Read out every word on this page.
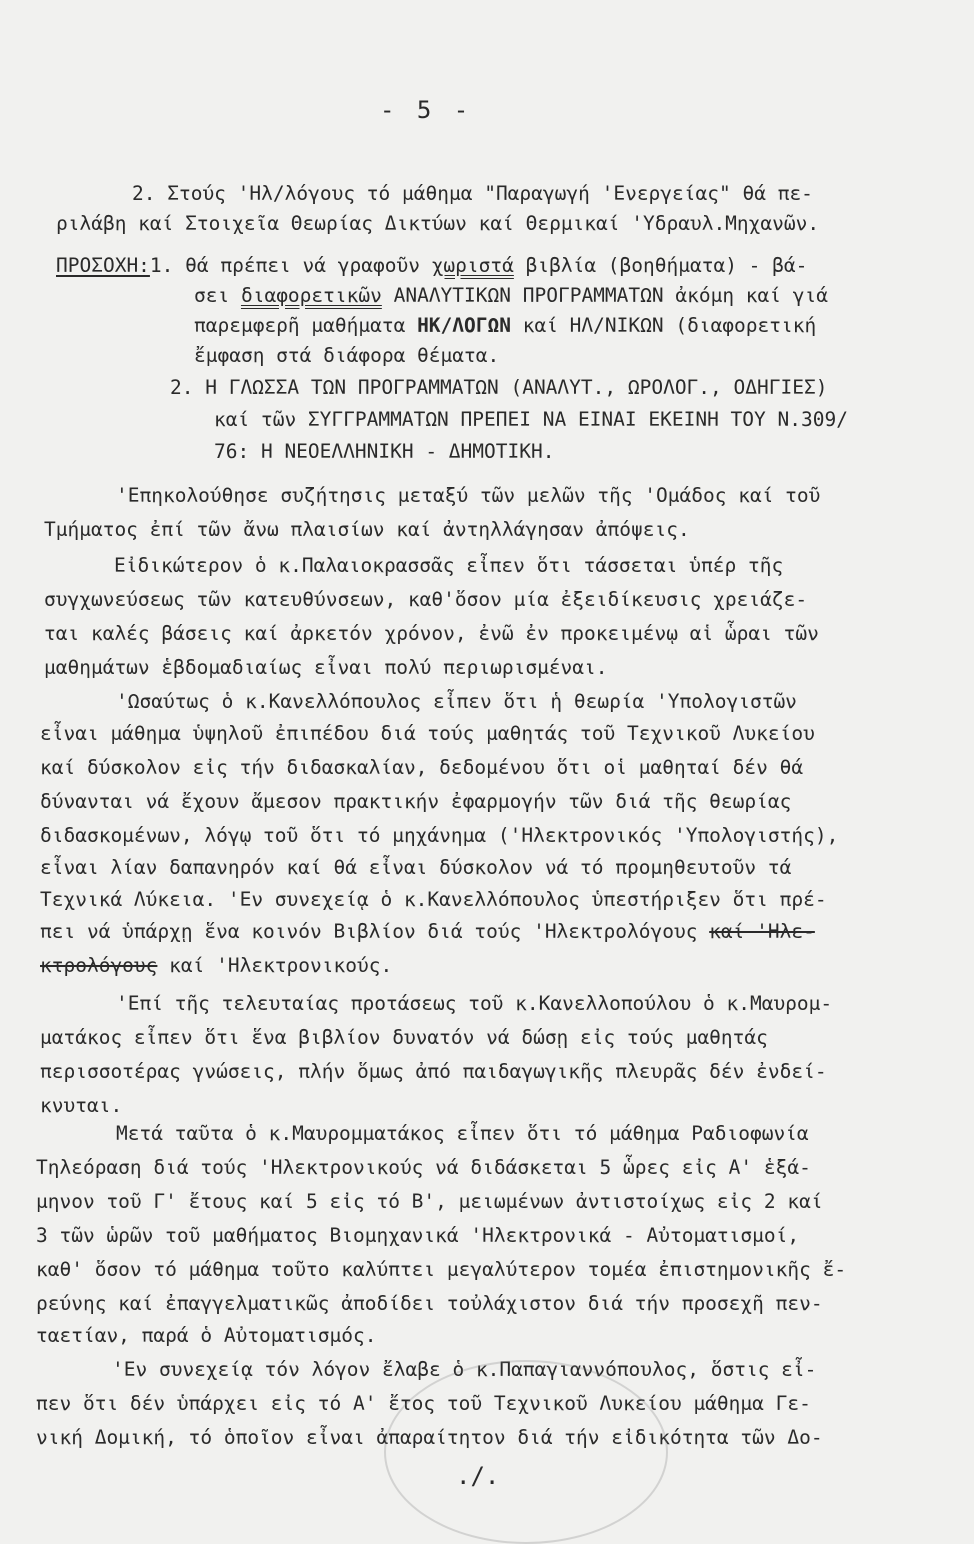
- 5 -
2. Στούς 'Ηλ/λόγους τό μάθημα "Παραγωγή 'Ενεργείας" θά πε-
ριλάβη καί Στοιχεῖα Θεωρίας Δικτύων καί Θερμικαί 'Υδραυλ.Μηχανῶν.
ΠΡΟΣΟΧΗ:1. θά πρέπει νά γραφοῦν χωριστά βιβλία (βοηθήματα) - βά-
σει διαφορετικῶν ΑΝΑΛΥΤΙΚΩΝ ΠΡΟΓΡΑΜΜΑΤΩΝ ἀκόμη καί γιά
παρεμφερῆ μαθήματα ΗΚ/ΛΟΓΩΝ καί ΗΛ/ΝΙΚΩΝ (διαφορετική
ἔμφαση στά διάφορα θέματα.
2. Η ΓΛΩΣΣΑ ΤΩΝ ΠΡΟΓΡΑΜΜΑΤΩΝ (ΑΝΑΛΥΤ., ΩΡΟΛΟΓ., ΟΔΗΓΙΕΣ)
καί τῶν ΣΥΓΓΡΑΜΜΑΤΩΝ ΠΡΕΠΕΙ ΝΑ ΕΙΝΑΙ ΕΚΕΙΝΗ ΤΟΥ Ν.309/
76: Η ΝΕΟΕΛΛΗΝΙΚΗ - ΔΗΜΟΤΙΚΗ.
'Επηκολούθησε συζήτησις μεταξύ τῶν μελῶν τῆς 'Ομάδος καί τοῦ
Τμήματος ἐπί τῶν ἄνω πλαισίων καί ἀντηλλάγησαν ἀπόψεις.
Εἰδικώτερον ὁ κ.Παλαιοκρασσᾶς εἶπεν ὅτι τάσσεται ὑπέρ τῆς
συγχωνεύσεως τῶν κατευθύνσεων, καθ'ὅσον μία ἐξειδίκευσις χρειάζε-
ται καλές βάσεις καί ἀρκετόν χρόνον, ἐνῶ ἐν προκειμένῳ αἱ ὧραι τῶν
μαθημάτων ἑβδομαδιαίως εἶναι πολύ περιωρισμέναι.
'Ωσαύτως ὁ κ.Κανελλόπουλος εἶπεν ὅτι ἡ θεωρία 'Υπολογιστῶν
εἶναι μάθημα ὑψηλοῦ ἐπιπέδου διά τούς μαθητάς τοῦ Τεχνικοῦ Λυκείου
καί δύσκολον εἰς τήν διδασκαλίαν, δεδομένου ὅτι οἱ μαθηταί δέν θά
δύνανται νά ἔχουν ἄμεσον πρακτικήν ἐφαρμογήν τῶν διά τῆς θεωρίας
διδασκομένων, λόγῳ τοῦ ὅτι τό μηχάνημα ('Ηλεκτρονικός 'Υπολογιστής),
εἶναι λίαν δαπανηρόν καί θά εἶναι δύσκολον νά τό προμηθευτοῦν τά
Τεχνικά Λύκεια. 'Εν συνεχείᾳ ὁ κ.Κανελλόπουλος ὑπεστήριξεν ὅτι πρέ-
πει νά ὑπάρχῃ ἕνα κοινόν Βιβλίον διά τούς 'Ηλεκτρολόγους καί 'Ηλε-
κτρολόγους καί 'Ηλεκτρονικούς.
'Επί τῆς τελευταίας προτάσεως τοῦ κ.Κανελλοπούλου ὁ κ.Μαυρομ-
ματάκος εἶπεν ὅτι ἕνα βιβλίον δυνατόν νά δώσῃ εἰς τούς μαθητάς
περισσοτέρας γνώσεις, πλήν ὅμως ἀπό παιδαγωγικῆς πλευρᾶς δέν ἐνδεί-
κνυται.
Μετά ταῦτα ὁ κ.Μαυρομματάκος εἶπεν ὅτι τό μάθημα Ραδιοφωνία
Τηλεόραση διά τούς 'Ηλεκτρονικούς νά διδάσκεται 5 ὧρες εἰς Α' ἑξά-
μηνον τοῦ Γ' ἔτους καί 5 εἰς τό Β', μειωμένων ἀντιστοίχως εἰς 2 καί
3 τῶν ὡρῶν τοῦ μαθήματος Βιομηχανικά 'Ηλεκτρονικά - Αὐτοματισμοί,
καθ' ὅσον τό μάθημα τοῦτο καλύπτει μεγαλύτερον τομέα ἐπιστημονικῆς ἔ-
ρεύνης καί ἐπαγγελματικῶς ἀποδίδει τοὐλάχιστον διά τήν προσεχῆ πεν-
ταετίαν, παρά ὁ Αὐτοματισμός.
'Εν συνεχείᾳ τόν λόγον ἔλαβε ὁ κ.Παπαγιαννόπουλος, ὅστις εἶ-
πεν ὅτι δέν ὑπάρχει εἰς τό Α' ἔτος τοῦ Τεχνικοῦ Λυκείου μάθημα Γε-
νική Δομική, τό ὁποῖον εἶναι ἀπαραίτητον διά τήν εἰδικότητα τῶν Δο-
./.
